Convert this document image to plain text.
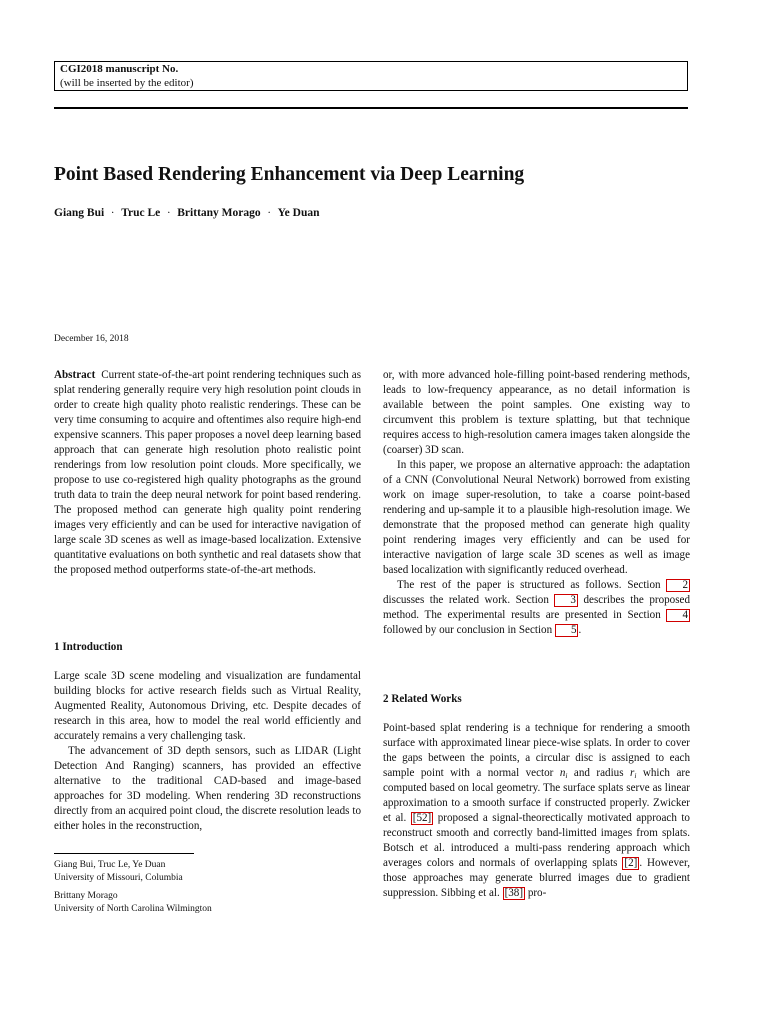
CGI2018 manuscript No.
(will be inserted by the editor)
Point Based Rendering Enhancement via Deep Learning
Giang Bui · Truc Le · Brittany Morago · Ye Duan
December 16, 2018

Abstract Current state-of-the-art point rendering techniques such as splat rendering generally require very high resolution point clouds in order to create high quality photo realistic renderings. These can be very time consuming to acquire and oftentimes also require high-end expensive scanners. This paper proposes a novel deep learning based approach that can generate high resolution photo realistic point renderings from low resolution point clouds. More specifically, we propose to use co-registered high quality photographs as the ground truth data to train the deep neural network for point based rendering. The proposed method can generate high quality point rendering images very efficiently and can be used for interactive navigation of large scale 3D scenes as well as image-based localization. Extensive quantitative evaluations on both synthetic and real datasets show that the proposed method outperforms state-of-the-art methods.

1 Introduction

Large scale 3D scene modeling and visualization are fundamental building blocks for active research fields such as Virtual Reality, Augmented Reality, Autonomous Driving, etc. Despite decades of research in this area, how to model the real world efficiently and accurately remains a very challenging task.

The advancement of 3D depth sensors, such as LIDAR (Light Detection And Ranging) scanners, has provided an effective alternative to the traditional CAD-based and image-based approaches for 3D modeling. When rendering 3D reconstructions directly from an acquired point cloud, the discrete resolution leads to either holes in the reconstruction,

Giang Bui, Truc Le, Ye Duan
University of Missouri, Columbia
Brittany Morago
University of North Carolina Wilmington

or, with more advanced hole-filling point-based rendering methods, leads to low-frequency appearance, as no detail information is available between the point samples. One existing way to circumvent this problem is texture splatting, but that technique requires access to high-resolution camera images taken alongside the (coarser) 3D scan.

In this paper, we propose an alternative approach: the adaptation of a CNN (Convolutional Neural Network) borrowed from existing work on image super-resolution, to take a coarse point-based rendering and up-sample it to a plausible high-resolution image. We demonstrate that the proposed method can generate high quality point rendering images very efficiently and can be used for interactive navigation of large scale 3D scenes as well as image based localization with significantly reduced overhead.

The rest of the paper is structured as follows. Section 2 discusses the related work. Section 3 describes the proposed method. The experimental results are presented in Section 4 followed by our conclusion in Section 5 .

2 Related Works

Point-based splat rendering is a technique for rendering a smooth surface with approximated linear piece-wise splats. In order to cover the gaps between the points, a circular disc is assigned to each sample point with a normal vector $n_i$ and radius $r_i$ which are computed based on local geometry. The surface splats serve as linear approximation to a smooth surface if constructed properly. Zwicker et al. [52] proposed a signal-theorectically motivated approach to reconstruct smooth and correctly band-limitted images from splats. Botsch et al. introduced a multi-pass rendering approach which averages colors and normals of overlapping splats [2] . However, those approaches may generate blurred images due to gradient suppression. Sibbing et al. [38] pro-
